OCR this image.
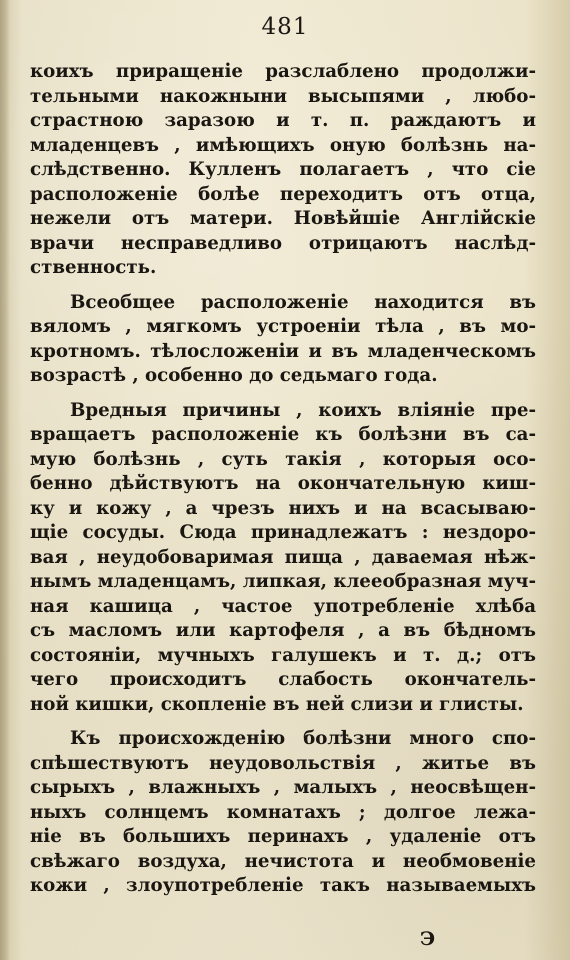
481
коихъ приращеніе разслаблено продолжи-
тельными накожныни высыпями , любо-
страстною заразою и т. п. раждаютъ и
младенцевъ , имѣющихъ оную болѣзнь на-
слѣдственно. Кулленъ полагаетъ , что сіе
расположеніе болѣе переходитъ отъ отца,
нежели отъ матери. Новѣйшіе Англійскіе
врачи несправедливо отрицаютъ наслѣд-
ственность.
Всеобщее расположеніе находится въ
вяломъ , мягкомъ устроеніи тѣла , въ мо-
кротномъ. тѣлосложеніи и въ младенческомъ
возрастѣ , особенно до седьмаго года.
Вредныя причины , коихъ вліяніе пре-
вращаетъ расположеніе къ болѣзни въ са-
мую болѣзнь , суть такія , которыя осо-
бенно дѣйствуютъ на окончательную киш-
ку и кожу , а чрезъ нихъ и на всасываю-
щіе сосуды. Сюда принадлежатъ : нездоро-
вая , неудобоваримая пища , даваемая нѣж-
нымъ младенцамъ, липкая, клееобразная муч-
ная кашица , частое употребленіе хлѣба
съ масломъ или картофеля , а въ бѣдномъ
состояніи, мучныхъ галушекъ и т. д.; отъ
чего происходитъ слабость окончатель-
ной кишки, скопленіе въ ней слизи и глисты.
Къ происхожденію болѣзни много спо-
спѣшествуютъ неудовольствія , житье въ
сырыхъ , влажныхъ , малыхъ , неосвѣщен-
ныхъ солнцемъ комнатахъ ; долгое лежа-
ніе въ большихъ перинахъ , удаленіе отъ
свѣжаго воздуха, нечистота и необмовеніе
кожи , злоупотребленіе такъ называемыхъ
Э
